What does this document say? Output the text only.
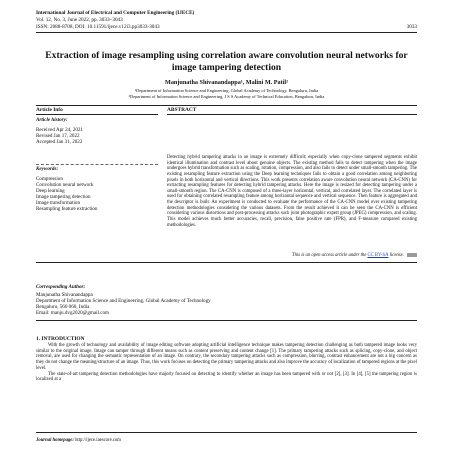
International Journal of Electrical and Computer Engineering (IJECE)
Vol. 12, No. 3, June 2022, pp. 3033~3043
ISSN: 2088-8708, DOI: 10.11591/ijece.v12i3.pp3033-3043	3033
Extraction of image resampling using correlation aware convolution neural networks for image tampering detection
Manjunatha Shivanandappa¹, Malini M. Patil²
¹Department of Information Science and Engineering, Global Academy of Technology, Bengaluru, India
²Department of Information Science and Engineering, J S S Academy of Technical Education, Bengaluru, India
Article Info	ABSTRACT
Article history:
Received Apr 24, 2021
Revised Jan 17, 2022
Accepted Jan 31, 2022
Keywords:
Compression
Convolution neural network
Deep learning
Image tampering detection
Image transformation
Resampling feature extraction

Detecting hybrid tampering attacks in an image is extremely difficult; especially when copy-clone tampered segments exhibit identical illumination and contrast level about genuine objects. The existing method fails to detect tampering when the image undergoes hybrid transformation such as scaling, rotation, compression, and also fails to detect under small-smooth tampering. The existing resampling feature extraction using the Deep learning techniques fails to obtain a good correlation among neighboring pixels in both horizontal and vertical directions. This work presents correlation aware convolution neural network (CA-CNN) for extracting resampling features for detecting hybrid tampering attacks. Here the image is resized for detecting tampering under a small-smooth region. The CA-CNN is composed of a three-layer horizontal, vertical, and correlated layer. The correlated layer is used for obtaining correlated resampling feature among horizontal sequence and vertical sequence. Then feature is aggregated and the descriptor is built. An experiment is conducted to evaluate the performance of the CA-CNN model over existing tampering detection methodologies considering the various datasets. From the result achieved it can be seen the CA-CNN is efficient considering various distortions and post-processing attacks such joint photographic expert group (JPEG) compression, and scaling. This model achieves much better accuracies, recall, precision, false positive rate (FPR), and F-measure compared existing methodologies.

This is an open access article under the CC BY-SA license.
Corresponding Author:
Manjunatha Shivanandappa
Department of Information Science and Engineering, Global Academy of Technology
Bengaluru, 560 060, India
Email: manju.dvg2020@gmail.com
1. INTRODUCTION

With the growth of technology and availability of image editing software adopting artificial intelligence technique makes tampering detection challenging as both tampered image looks very similar to the original image. Image can tamper through different means such as content preserving and content change [1]. The primary tampering attacks such as splicing, copy-clone, and object removal, are used for changing the semantic representation of an image. On contrary, the secondary tampering attacks such as compression, blurring, contrast enhancement are not a big concern as they do not change the meaning/structure of an image. Thus, this work focuses on detecting the primary tampering attacks and also improve the accuracy of localization of tampered regions at the pixel level.

The state-of-art tampering detection methodologies have majorly focused on detecting to identify whether an image has been tampered with or not [2], [3]. In [4], [5] the tampering region is localized at a

Journal homepage: http://ijece.iaescore.com
